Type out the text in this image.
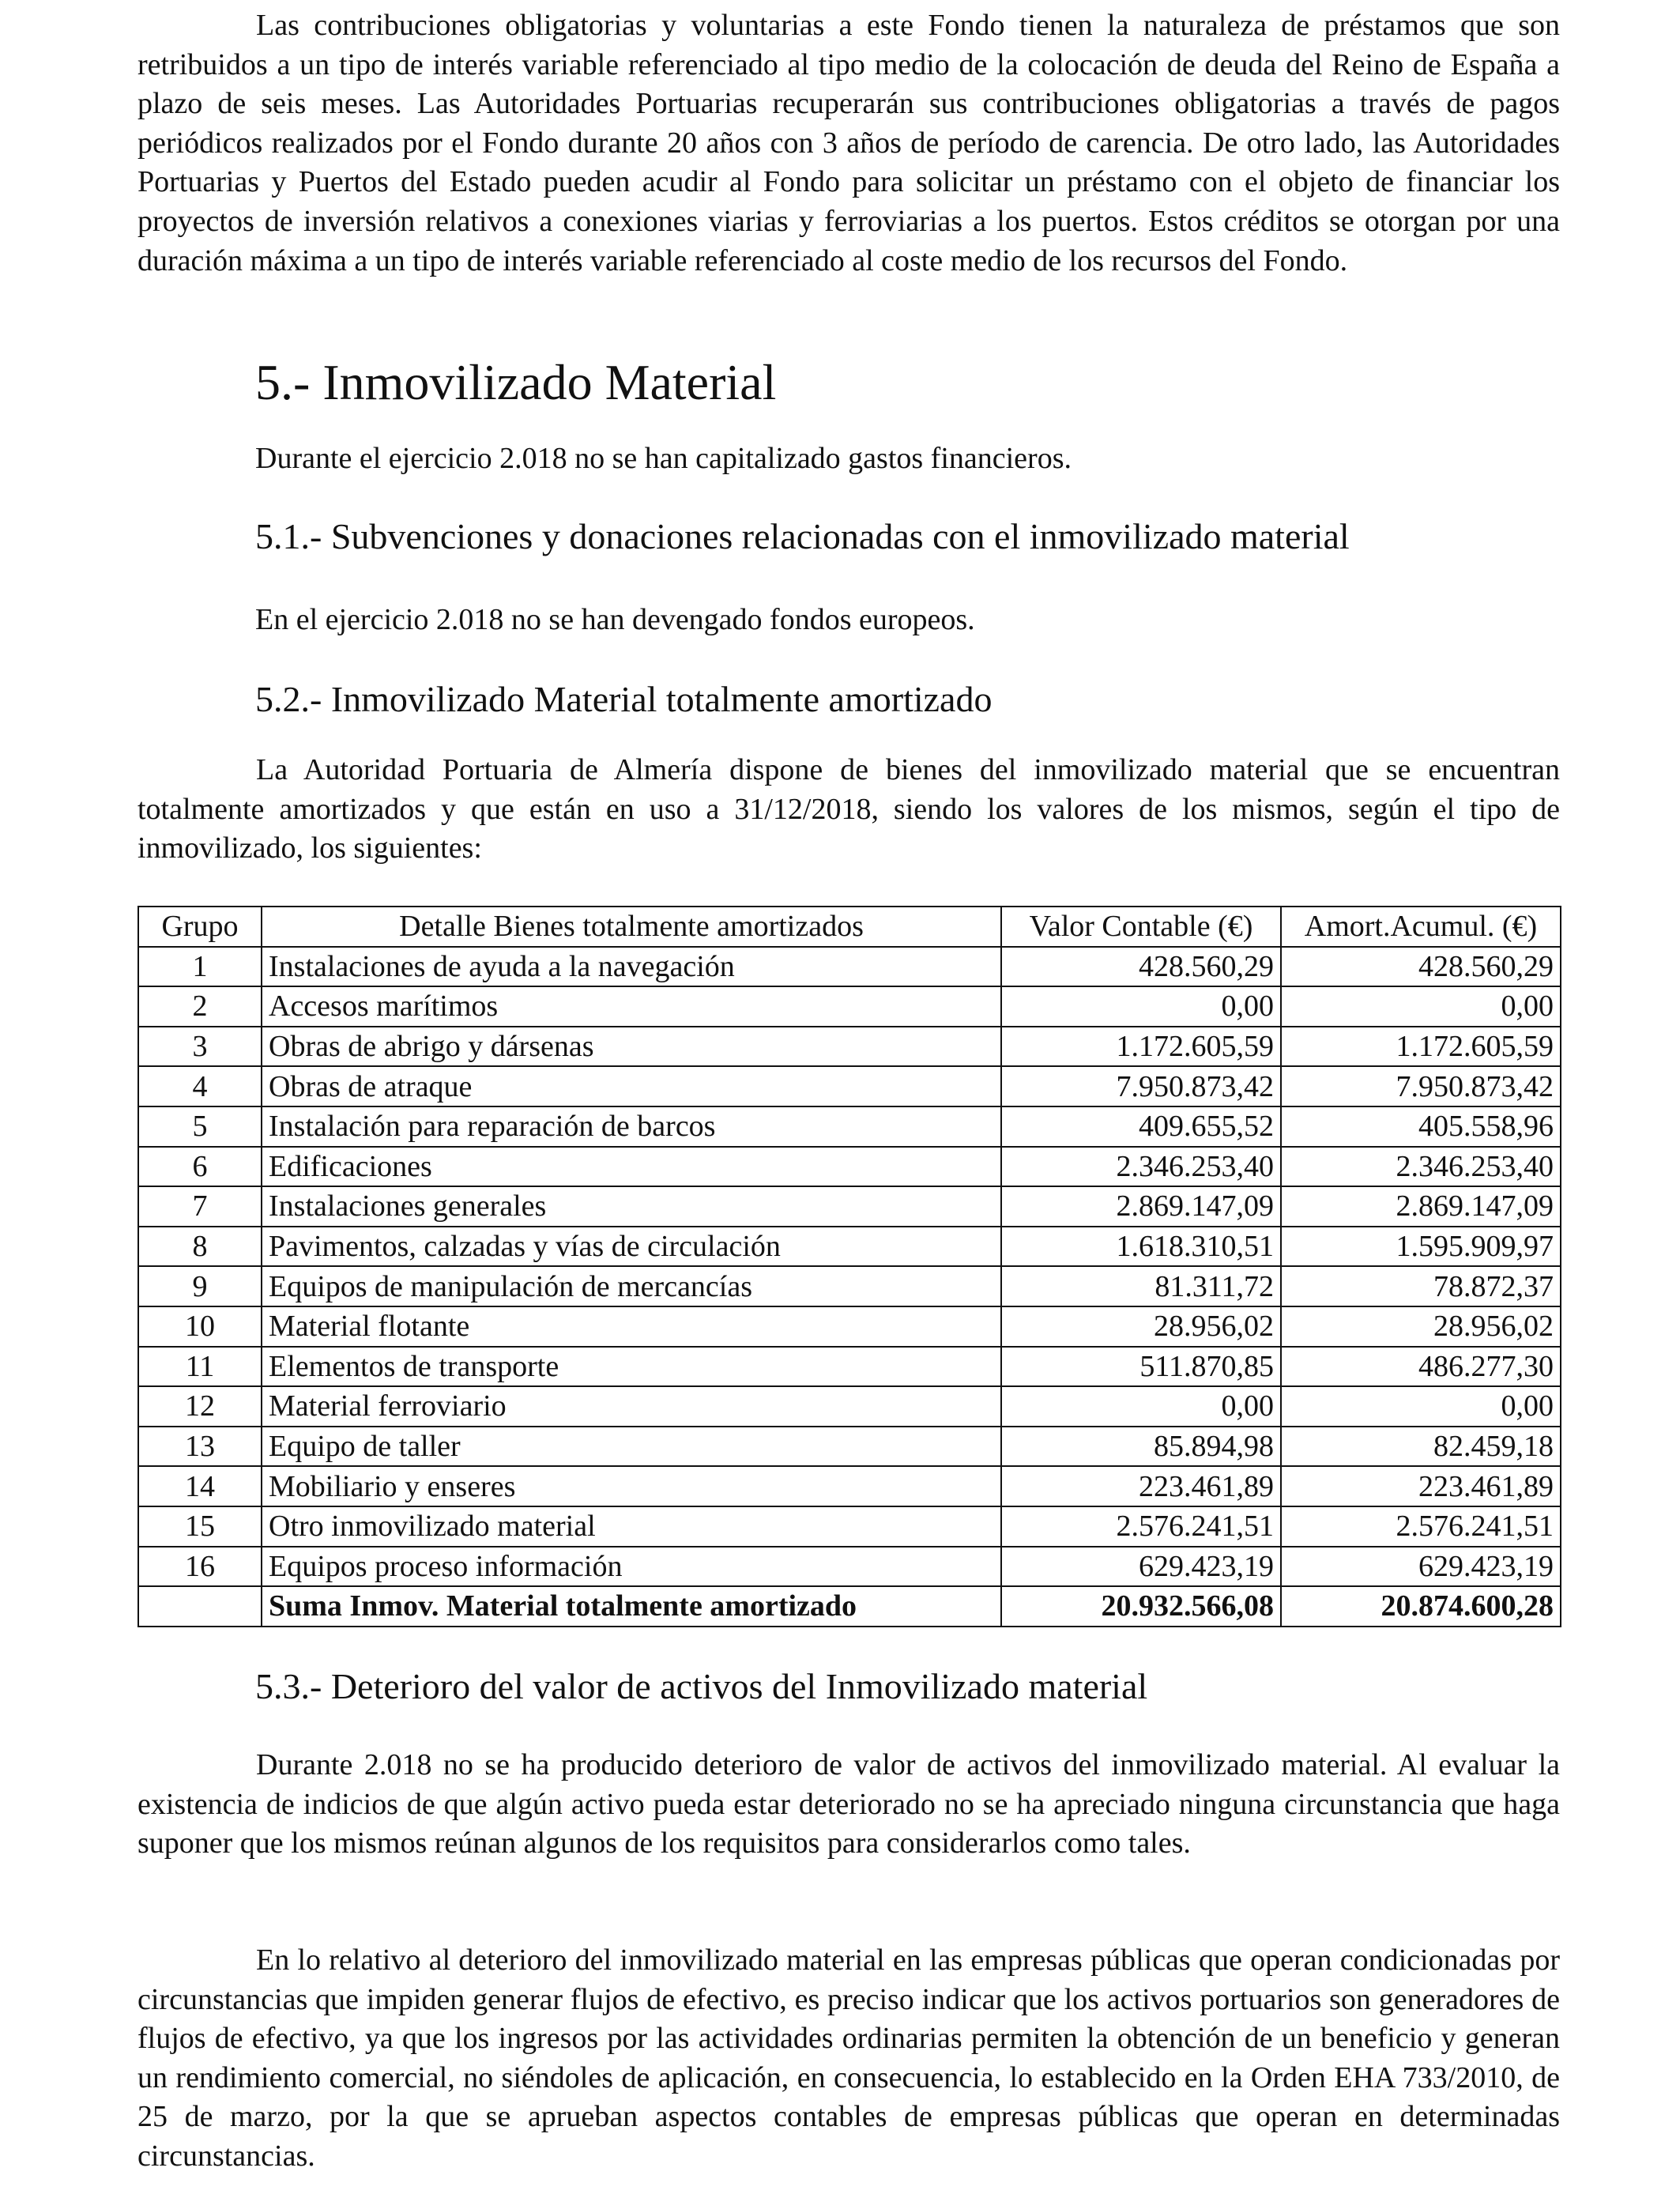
Las contribuciones obligatorias y voluntarias a este Fondo tienen la naturaleza de préstamos que son retribuidos a un tipo de interés variable referenciado al tipo medio de la colocación de deuda del Reino de España a plazo de seis meses. Las Autoridades Portuarias recuperarán sus contribuciones obligatorias a través de pagos periódicos realizados por el Fondo durante 20 años con 3 años de período de carencia. De otro lado, las Autoridades Portuarias y Puertos del Estado pueden acudir al Fondo para solicitar un préstamo con el objeto de financiar los proyectos de inversión relativos a conexiones viarias y ferroviarias a los puertos. Estos créditos se otorgan por una duración máxima a un tipo de interés variable referenciado al coste medio de los recursos del Fondo.

5.- Inmovilizado Material

Durante el ejercicio 2.018 no se han capitalizado gastos financieros.

5.1.- Subvenciones y donaciones relacionadas con el inmovilizado material

En el ejercicio 2.018 no se han devengado fondos europeos.

5.2.- Inmovilizado Material totalmente amortizado

La Autoridad Portuaria de Almería dispone de bienes del inmovilizado material que se encuentran totalmente amortizados y que están en uso a 31/12/2018, siendo los valores de los mismos, según el tipo de inmovilizado, los siguientes:

Grupo	Detalle Bienes totalmente amortizados	Valor Contable (€)	Amort.Acumul. (€)
1	Instalaciones de ayuda a la navegación	428.560,29	428.560,29
2	Accesos marítimos	0,00	0,00
3	Obras de abrigo y dársenas	1.172.605,59	1.172.605,59
4	Obras de atraque	7.950.873,42	7.950.873,42
5	Instalación para reparación de barcos	409.655,52	405.558,96
6	Edificaciones	2.346.253,40	2.346.253,40
7	Instalaciones generales	2.869.147,09	2.869.147,09
8	Pavimentos, calzadas y vías de circulación	1.618.310,51	1.595.909,97
9	Equipos de manipulación de mercancías	81.311,72	78.872,37
10	Material flotante	28.956,02	28.956,02
11	Elementos de transporte	511.870,85	486.277,30
12	Material ferroviario	0,00	0,00
13	Equipo de taller	85.894,98	82.459,18
14	Mobiliario y enseres	223.461,89	223.461,89
15	Otro inmovilizado material	2.576.241,51	2.576.241,51
16	Equipos proceso información	629.423,19	629.423,19
	Suma Inmov. Material totalmente amortizado	20.932.566,08	20.874.600,28
5.3.- Deterioro del valor de activos del Inmovilizado material

Durante 2.018 no se ha producido deterioro de valor de activos del inmovilizado material. Al evaluar la existencia de indicios de que algún activo pueda estar deteriorado no se ha apreciado ninguna circunstancia que haga suponer que los mismos reúnan algunos de los requisitos para considerarlos como tales.

En lo relativo al deterioro del inmovilizado material en las empresas públicas que operan condicionadas por circunstancias que impiden generar flujos de efectivo, es preciso indicar que los activos portuarios son generadores de flujos de efectivo, ya que los ingresos por las actividades ordinarias permiten la obtención de un beneficio y generan un rendimiento comercial, no siéndoles de aplicación, en consecuencia, lo establecido en la Orden EHA 733/2010, de 25 de marzo, por la que se aprueban aspectos contables de empresas públicas que operan en determinadas circunstancias.
